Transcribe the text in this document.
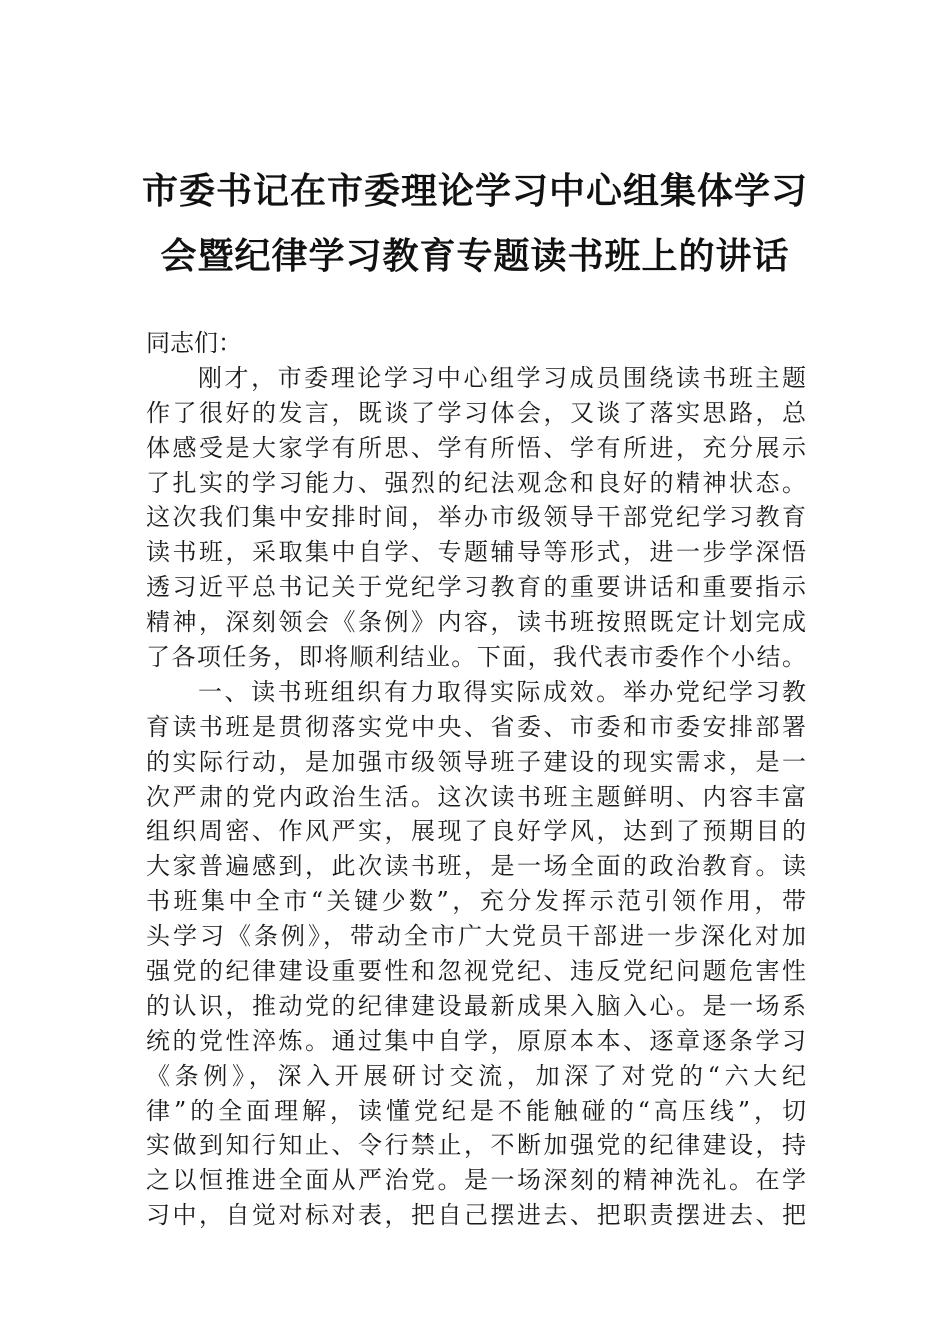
市委书记在市委理论学习中心组集体学习
会暨纪律学习教育专题读书班上的讲话
同志们：
刚才，市委理论学习中心组学习成员围绕读书班主题
作了很好的发言，既谈了学习体会，又谈了落实思路，总
体感受是大家学有所思、学有所悟、学有所进，充分展示
了扎实的学习能力、强烈的纪法观念和良好的精神状态。
这次我们集中安排时间，举办市级领导干部党纪学习教育
读书班，采取集中自学、专题辅导等形式，进一步学深悟
透习近平总书记关于党纪学习教育的重要讲话和重要指示
精神，深刻领会《条例》内容，读书班按照既定计划完成
了各项任务，即将顺利结业。下面，我代表市委作个小结。
一、读书班组织有力取得实际成效。举办党纪学习教
育读书班是贯彻落实党中央、省委、市委和市委安排部署
的实际行动，是加强市级领导班子建设的现实需求，是一
次严肃的党内政治生活。这次读书班主题鲜明、内容丰富
组织周密、作风严实，展现了良好学风，达到了预期目的
大家普遍感到，此次读书班，是一场全面的政治教育。读
书班集中全市“关键少数”，充分发挥示范引领作用，带
头学习《条例》，带动全市广大党员干部进一步深化对加
强党的纪律建设重要性和忽视党纪、违反党纪问题危害性
的认识，推动党的纪律建设最新成果入脑入心。是一场系
统的党性淬炼。通过集中自学，原原本本、逐章逐条学习
《条例》，深入开展研讨交流，加深了对党的“六大纪
律”的全面理解，读懂党纪是不能触碰的“高压线”，切
实做到知行知止、令行禁止，不断加强党的纪律建设，持
之以恒推进全面从严治党。是一场深刻的精神洗礼。在学
习中，自觉对标对表，把自己摆进去、把职责摆进去、把
